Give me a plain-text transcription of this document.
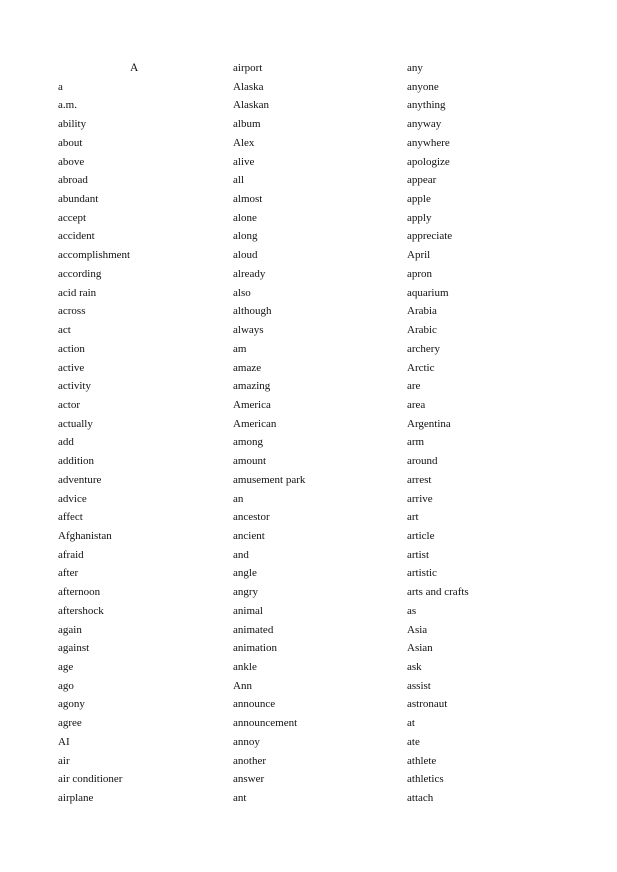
A
a
a.m.
ability
about
above
abroad
abundant
accept
accident
accomplishment
according
acid rain
across
act
action
active
activity
actor
actually
add
addition
adventure
advice
affect
Afghanistan
afraid
after
afternoon
aftershock
again
against
age
ago
agony
agree
AI
air
air conditioner
airplane
airport
Alaska
Alaskan
album
Alex
alive
all
almost
alone
along
aloud
already
also
although
always
am
amaze
amazing
America
American
among
amount
amusement park
an
ancestor
ancient
and
angle
angry
animal
animated
animation
ankle
Ann
announce
announcement
annoy
another
answer
ant
any
anyone
anything
anyway
anywhere
apologize
appear
apple
apply
appreciate
April
apron
aquarium
Arabia
Arabic
archery
Arctic
are
area
Argentina
arm
around
arrest
arrive
art
article
artist
artistic
arts and crafts
as
Asia
Asian
ask
assist
astronaut
at
ate
athlete
athletics
attach
